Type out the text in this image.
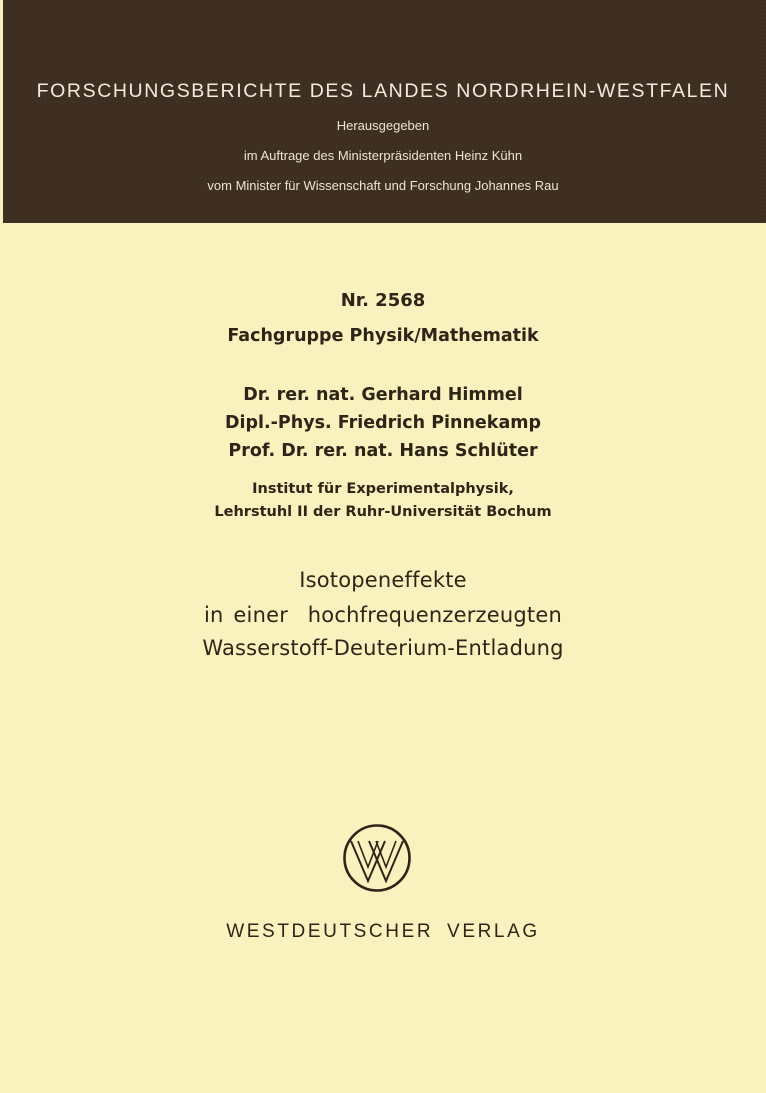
FORSCHUNGSBERICHTE DES LANDES NORDRHEIN-WESTFALEN
Herausgegeben
im Auftrage des Ministerpräsidenten Heinz Kühn
vom Minister für Wissenschaft und Forschung Johannes Rau
Nr. 2568
Fachgruppe Physik/Mathematik
Dr. rer. nat. Gerhard Himmel
Dipl.-Phys. Friedrich Pinnekamp
Prof. Dr. rer. nat. Hans Schlüter
Institut für Experimentalphysik,
Lehrstuhl II der Ruhr-Universität Bochum
Isotopeneffekte
in einer  hochfrequenzerzeugten
Wasserstoff-Deuterium-Entladung
WESTDEUTSCHER VERLAG
